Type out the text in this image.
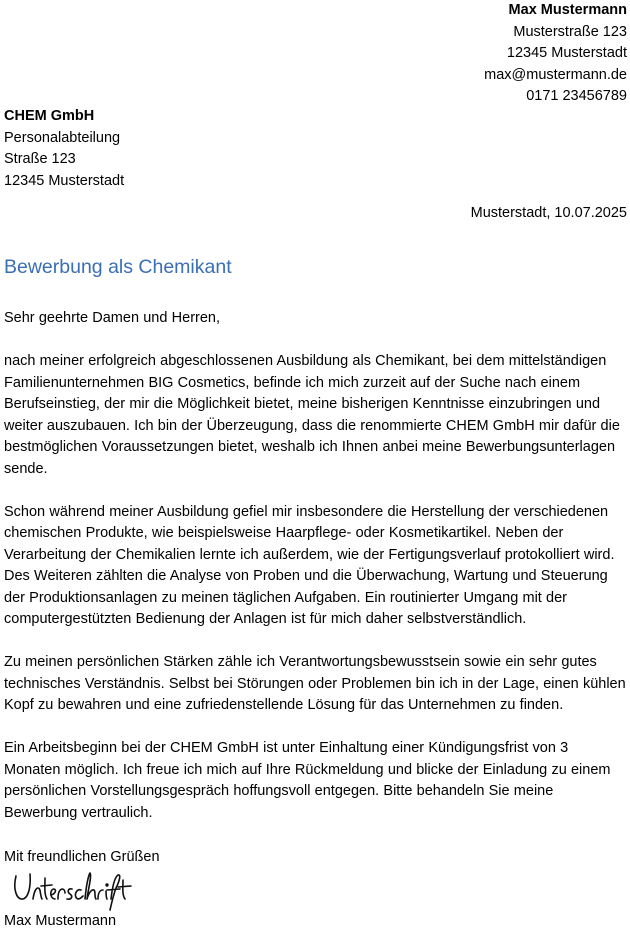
Max Mustermann
Musterstraße 123
12345 Musterstadt
max@mustermann.de
0171 23456789
CHEM GmbH
Personalabteilung
Straße 123
12345 Musterstadt
Musterstadt, 10.07.2025
Bewerbung als Chemikant

Sehr geehrte Damen und Herren,

nach meiner erfolgreich abgeschlossenen Ausbildung als Chemikant, bei dem mittelständigen Familienunternehmen BIG Cosmetics, befinde ich mich zurzeit auf der Suche nach einem Berufseinstieg, der mir die Möglichkeit bietet, meine bisherigen Kenntnisse einzubringen und weiter auszubauen. Ich bin der Überzeugung, dass die renommierte CHEM GmbH mir dafür die bestmöglichen Voraussetzungen bietet, weshalb ich Ihnen anbei meine Bewerbungsunterlagen sende.

Schon während meiner Ausbildung gefiel mir insbesondere die Herstellung der verschiedenen chemischen Produkte, wie beispielsweise Haarpflege- oder Kosmetikartikel. Neben der Verarbeitung der Chemikalien lernte ich außerdem, wie der Fertigungsverlauf protokolliert wird. Des Weiteren zählten die Analyse von Proben und die Überwachung, Wartung und Steuerung der Produktionsanlagen zu meinen täglichen Aufgaben. Ein routinierter Umgang mit der computergestützten Bedienung der Anlagen ist für mich daher selbstverständlich.

Zu meinen persönlichen Stärken zähle ich Verantwortungsbewusstsein sowie ein sehr gutes technisches Verständnis. Selbst bei Störungen oder Problemen bin ich in der Lage, einen kühlen Kopf zu bewahren und eine zufriedenstellende Lösung für das Unternehmen zu finden.

Ein Arbeitsbeginn bei der CHEM GmbH ist unter Einhaltung einer Kündigungsfrist von 3 Monaten möglich. Ich freue ich mich auf Ihre Rückmeldung und blicke der Einladung zu einem persönlichen Vorstellungsgespräch hoffungsvoll entgegen. Bitte behandeln Sie meine Bewerbung vertraulich.

Mit freundlichen Grüßen
Max Mustermann
